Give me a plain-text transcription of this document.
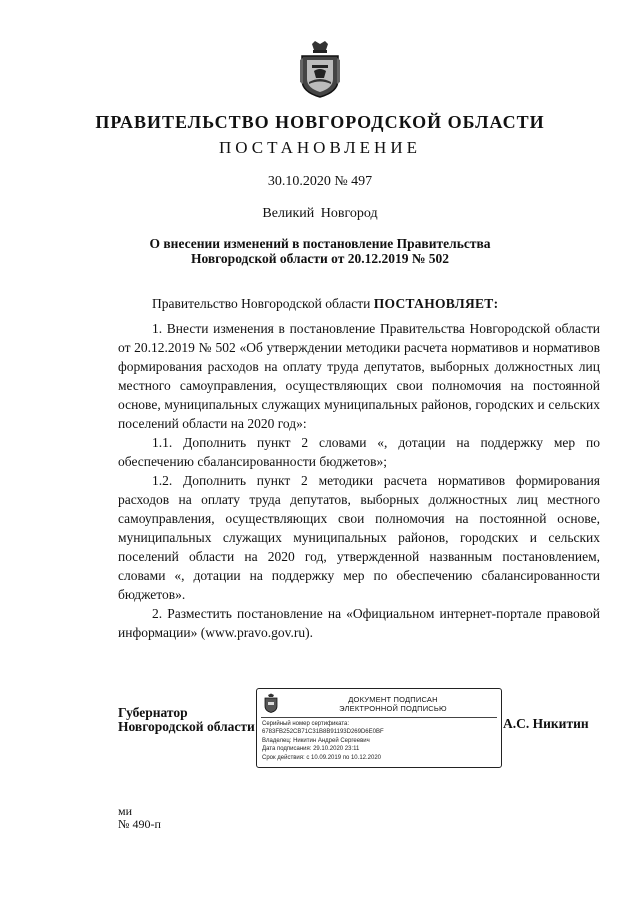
ПРАВИТЕЛЬСТВО НОВГОРОДСКОЙ ОБЛАСТИ
ПОСТАНОВЛЕНИЕ
30.10.2020 № 497
Великий Новгород
О внесении изменений в постановление Правительства Новгородской области от 20.12.2019 № 502

Правительство Новгородской области ПОСТАНОВЛЯЕТ:

1. Внести изменения в постановление Правительства Новгородской области от 20.12.2019 № 502 «Об утверждении методики расчета нормативов и нормативов формирования расходов на оплату труда депутатов, выборных должностных лиц местного самоуправления, осуществляющих свои полномочия на постоянной основе, муниципальных служащих муниципальных районов, городских и сельских поселений области на 2020 год»:

1.1. Дополнить пункт 2 словами «, дотации на поддержку мер по обеспечению сбалансированности бюджетов»;

1.2. Дополнить пункт 2 методики расчета нормативов формирования расходов на оплату труда депутатов, выборных должностных лиц местного самоуправления, осуществляющих свои полномочия на постоянной основе, муниципальных служащих муниципальных районов, городских и сельских поселений области на 2020 год, утвержденной названным постановлением, словами «, дотации на поддержку мер по обеспечению сбалансированности бюджетов».

2. Разместить постановление на «Официальном интернет-портале правовой информации» (www.pravo.gov.ru).

Губернатор
Новгородской области
ДОКУМЕНТ ПОДПИСАН
ЭЛЕКТРОННОЙ ПОДПИСЬЮ
Серийный номер сертификата:
6783FB252CB71C31B8B91193D269D6E0BF
Владелец: Никитин Андрей Сергеевич
Дата подписания: 29.10.2020 23:11
Срок действия: с 10.09.2019 по 10.12.2020
А.С. Никитин
ми
№ 490-п
